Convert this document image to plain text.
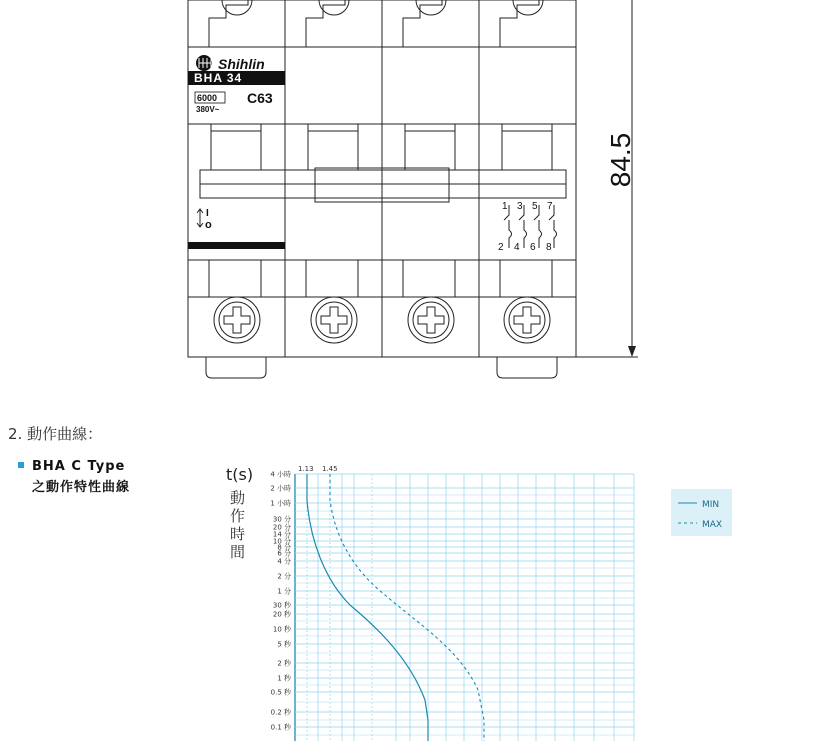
Shihlin
BHA 34
6000 C63
380V~
I
o
1 3 5 7
2 4 6 8
84.5
2. 動作曲線：
BHA C Type
之動作特性曲線
4 小時
2 小時
1 小時
30 分
20 分
14 分
10 分
8 分
6 分
4 分
2 分
1 分
30 秒
20 秒
10 秒
5 秒
2 秒
1 秒
0.5 秒
0.2 秒
0.1 秒
t(s)
動
作
時
間
1.13 1.45
MIN
MAX
